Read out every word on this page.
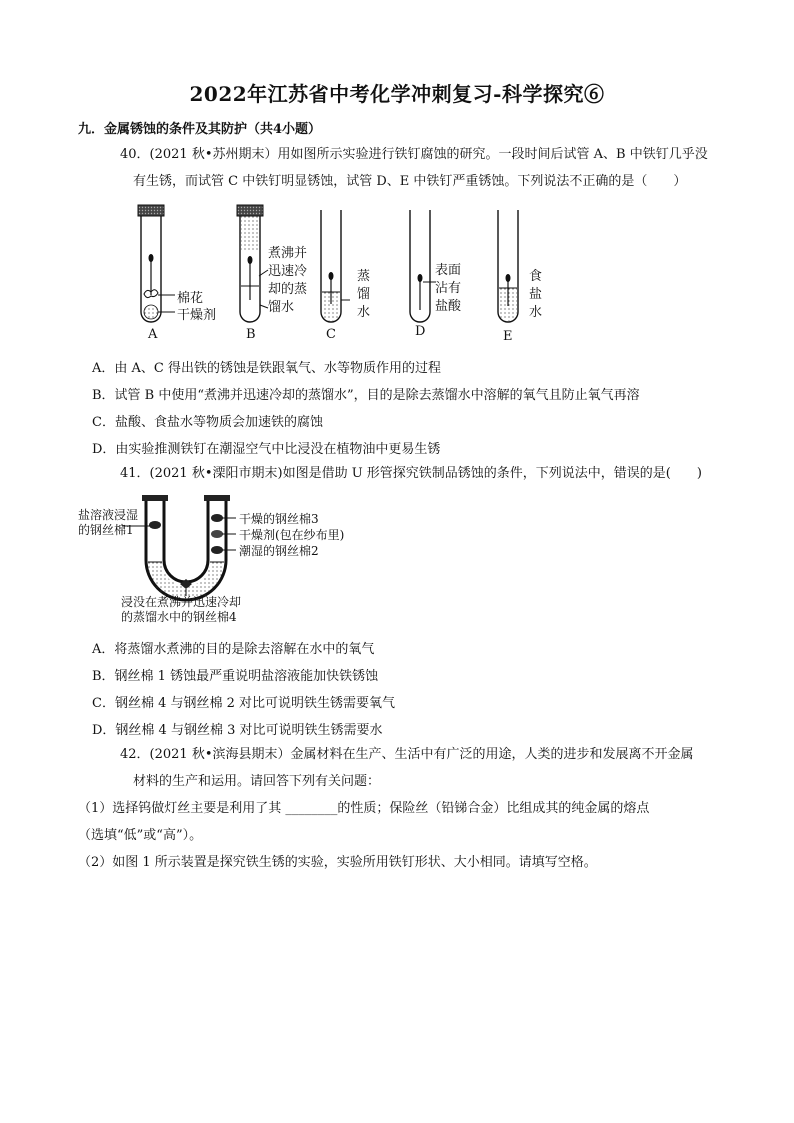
2022年江苏省中考化学冲刺复习-科学探究⑥
九．金属锈蚀的条件及其防护（共4小题）
40．(2021 秋•苏州期末）用如图所示实验进行铁钉腐蚀的研究。一段时间后试管 A、B 中铁钉几乎没
有生锈，而试管 C 中铁钉明显锈蚀，试管 D、E 中铁钉严重锈蚀。下列说法不正确的是（　　）
棉花
干燥剂
煮沸并
迅速冷
却的蒸
馏水
蒸
馏
水
表面
沾有
盐酸
食
盐
水
A	B	C	D	E
A．由 A、C 得出铁的锈蚀是铁跟氧气、水等物质作用的过程
B．试管 B 中使用“煮沸并迅速冷却的蒸馏水”，目的是除去蒸馏水中溶解的氧气且防止氧气再溶
C．盐酸、食盐水等物质会加速铁的腐蚀
D．由实验推测铁钉在潮湿空气中比浸没在植物油中更易生锈
41．(2021 秋•溧阳市期末)如图是借助 U 形管探究铁制品锈蚀的条件，下列说法中，错误的是(　　)
盐溶液浸湿
的钢丝棉1
干燥的钢丝棉3
干燥剂(包在纱布里)
潮湿的钢丝棉2
浸没在煮沸并迅速冷却
的蒸馏水中的钢丝棉4
A．将蒸馏水煮沸的目的是除去溶解在水中的氧气
B．钢丝棉 1 锈蚀最严重说明盐溶液能加快铁锈蚀
C．钢丝棉 4 与钢丝棉 2 对比可说明铁生锈需要氧气
D．钢丝棉 4 与钢丝棉 3 对比可说明铁生锈需要水
42．(2021 秋•滨海县期末）金属材料在生产、生活中有广泛的用途，人类的进步和发展离不开金属
材料的生产和运用。请回答下列有关问题：
（1）选择钨做灯丝主要是利用了其 ________的性质；保险丝（铅锑合金）比组成其的纯金属的熔点
（选填“低”或“高”）。
（2）如图 1 所示装置是探究铁生锈的实验，实验所用铁钉形状、大小相同。请填写空格。
